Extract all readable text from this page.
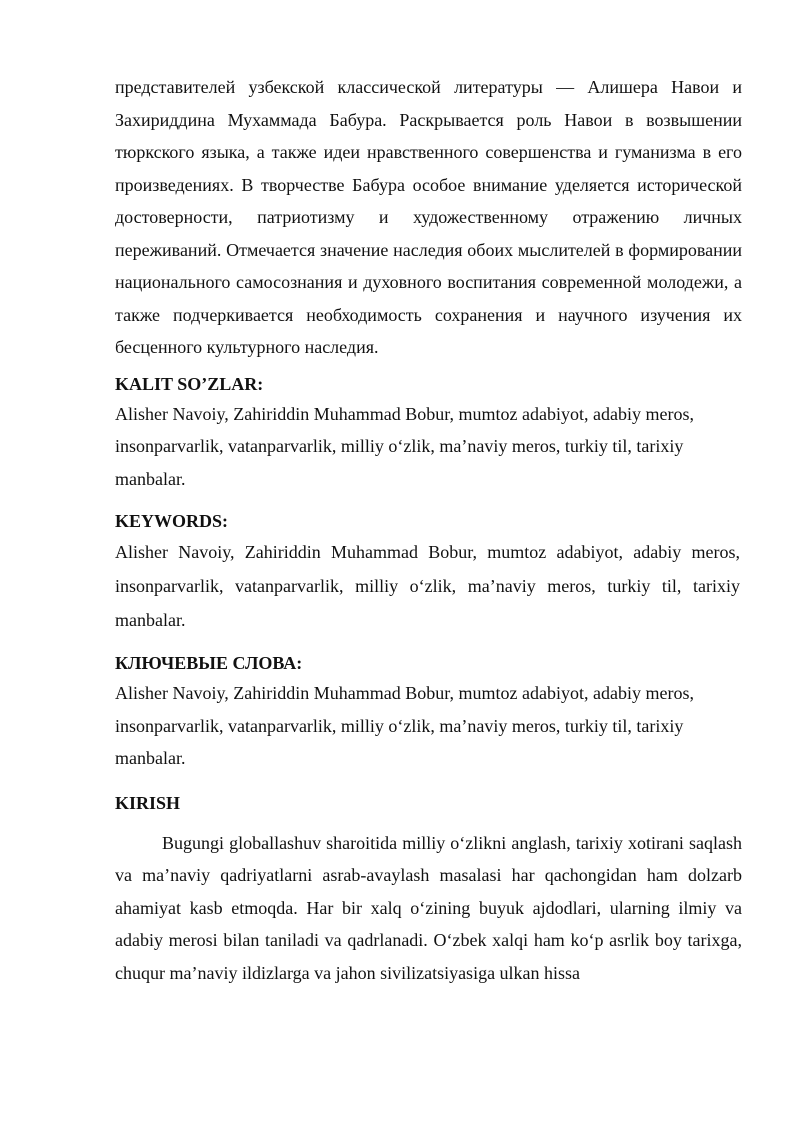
представителей узбекской классической литературы — Алишера Навои и Захириддина Мухаммада Бабура. Раскрывается роль Навои в возвышении тюркского языка, а также идеи нравственного совершенства и гуманизма в его произведениях. В творчестве Бабура особое внимание уделяется исторической достоверности, патриотизму и художественному отражению личных переживаний. Отмечается значение наследия обоих мыслителей в формировании национального самосознания и духовного воспитания современной молодежи, а также подчеркивается необходимость сохранения и научного изучения их бесценного культурного наследия.

KALIT SO’ZLAR:

Alisher Navoiy, Zahiriddin Muhammad Bobur, mumtoz adabiyot, adabiy meros,
insonparvarlik, vatanparvarlik, milliy o‘zlik, ma’naviy meros, turkiy til, tarixiy
manbalar.

KEYWORDS:

Alisher Navoiy, Zahiriddin Muhammad Bobur, mumtoz adabiyot, adabiy meros, insonparvarlik, vatanparvarlik, milliy o‘zlik, ma’naviy meros, turkiy til, tarixiy manbalar.

КЛЮЧЕВЫЕ СЛОВА:

Alisher Navoiy, Zahiriddin Muhammad Bobur, mumtoz adabiyot, adabiy meros,
insonparvarlik, vatanparvarlik, milliy o‘zlik, ma’naviy meros, turkiy til, tarixiy
manbalar.

KIRISH

Bugungi globallashuv sharoitida milliy o‘zlikni anglash, tarixiy xotirani saqlash va ma’naviy qadriyatlarni asrab-avaylash masalasi har qachongidan ham dolzarb ahamiyat kasb etmoqda. Har bir xalq o‘zining buyuk ajdodlari, ularning ilmiy va adabiy merosi bilan taniladi va qadrlanadi. O‘zbek xalqi ham ko‘p asrlik boy tarixga, chuqur ma’naviy ildizlarga va jahon sivilizatsiyasiga ulkan hissa
